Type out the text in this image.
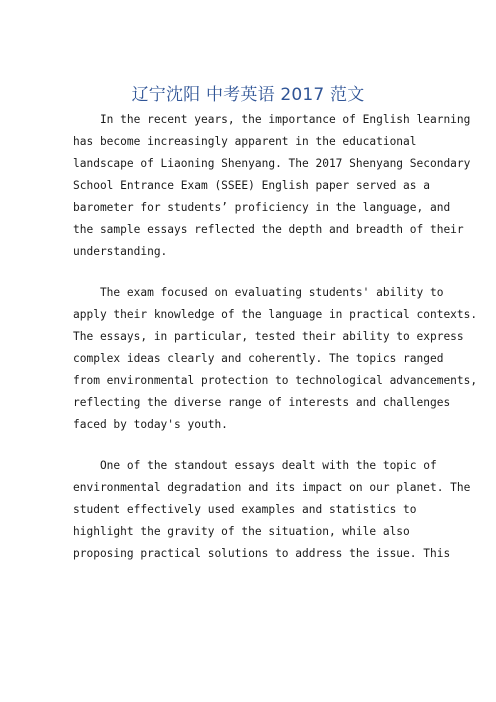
辽宁沈阳 中考英语 2017 范文

In the recent years, the importance of English learning
has become increasingly apparent in the educational
landscape of Liaoning Shenyang. The 2017 Shenyang Secondary
School Entrance Exam (SSEE) English paper served as a
barometer for students’ proficiency in the language, and
the sample essays reflected the depth and breadth of their
understanding.

The exam focused on evaluating students' ability to
apply their knowledge of the language in practical contexts.
The essays, in particular, tested their ability to express
complex ideas clearly and coherently. The topics ranged
from environmental protection to technological advancements,
reflecting the diverse range of interests and challenges
faced by today's youth.

One of the standout essays dealt with the topic of
environmental degradation and its impact on our planet. The
student effectively used examples and statistics to
highlight the gravity of the situation, while also
proposing practical solutions to address the issue. This
